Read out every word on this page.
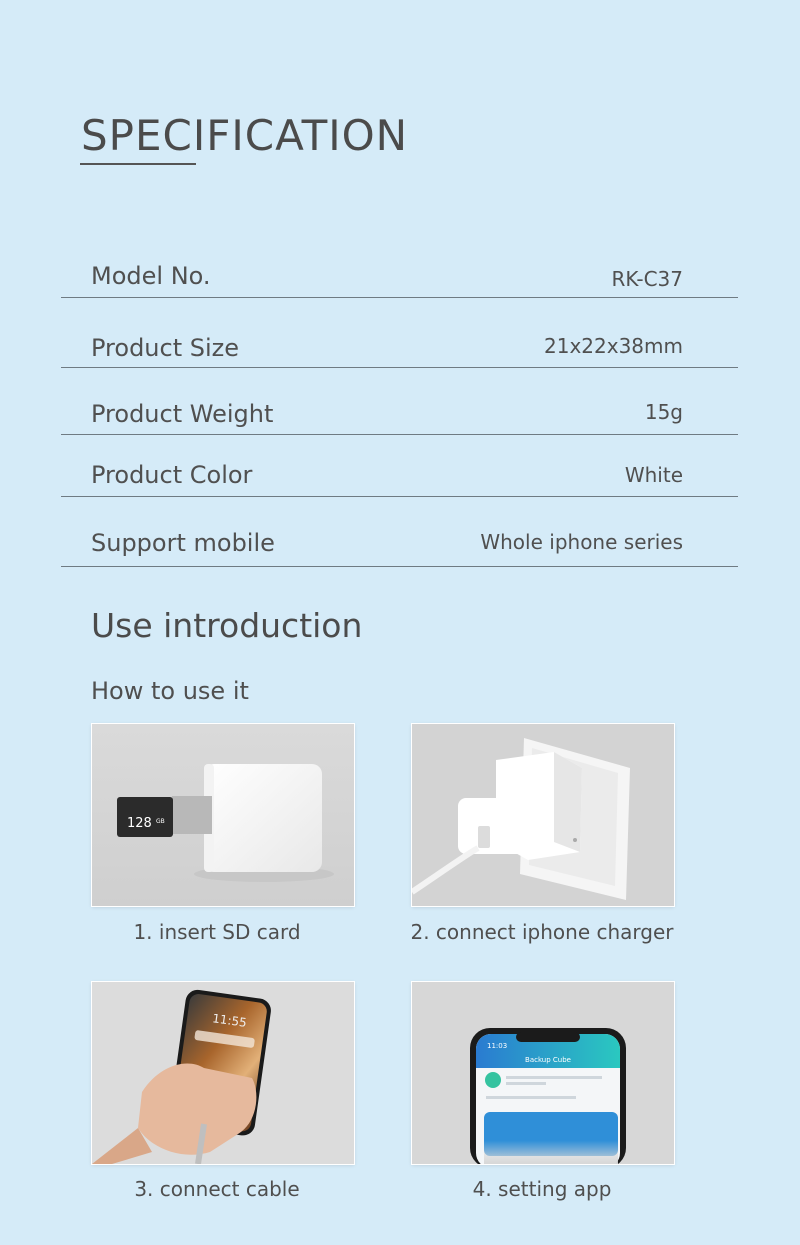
SPECIFICATION
Model No.	RK-C37
Product Size	21x22x38mm
Product Weight	15g
Product Color	White
Support mobile	Whole iphone series
Use introduction
How to use it
128 GB
1. insert SD card	2. connect iphone charger
11:55
3. connect cable
11:03
Backup Cube
4. setting app
